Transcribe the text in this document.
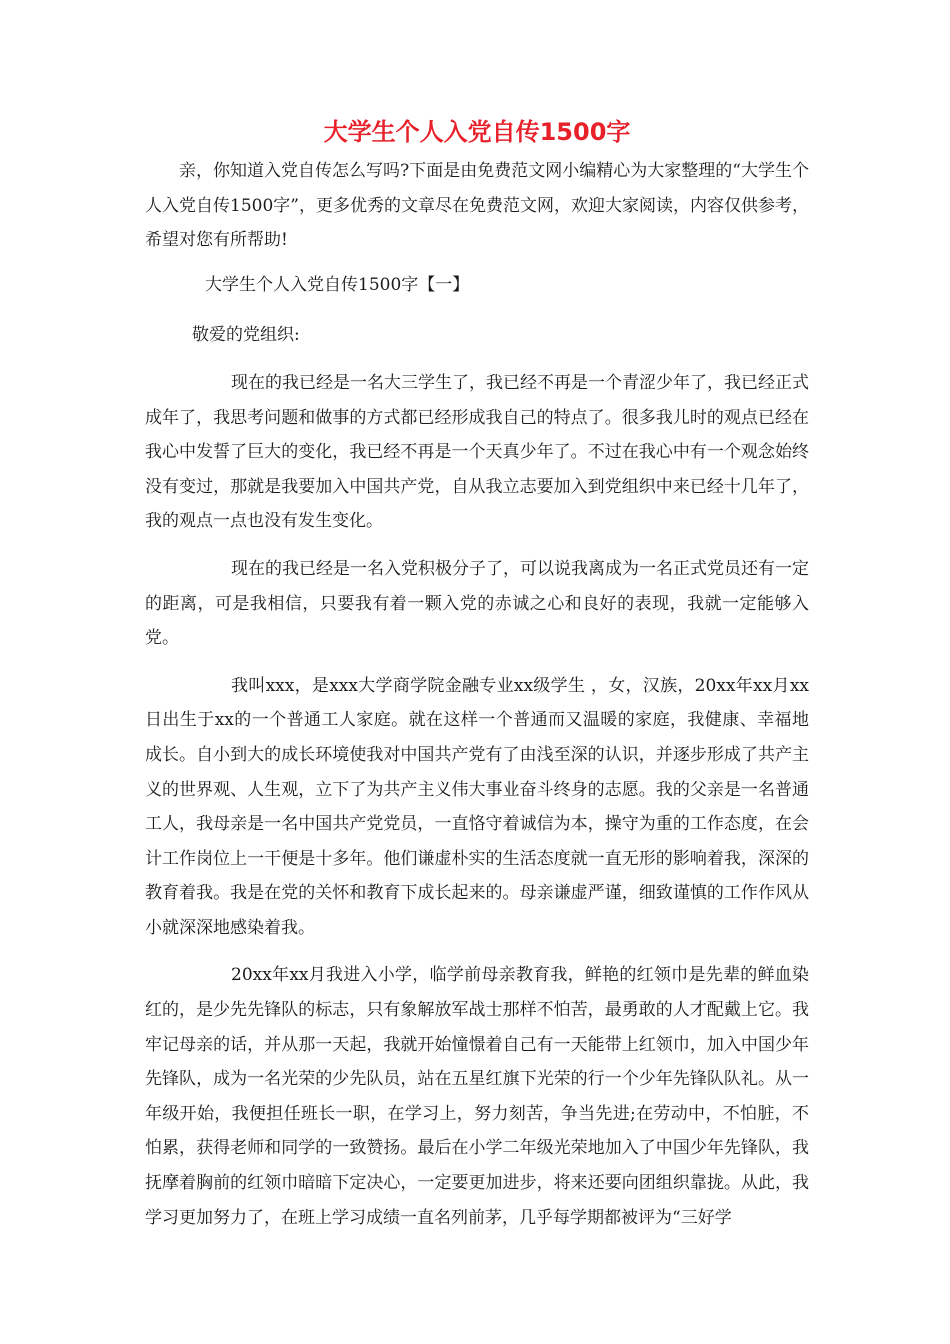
大学生个人入党自传1500字

亲，你知道入党自传怎么写吗?下面是由免费范文网小编精心为大家整理的“大学生个人入党自传1500字”，更多优秀的文章尽在免费范文网，欢迎大家阅读，内容仅供参考，希望对您有所帮助!

大学生个人入党自传1500字【一】

敬爱的党组织:

现在的我已经是一名大三学生了，我已经不再是一个青涩少年了，我已经正式成年了，我思考问题和做事的方式都已经形成我自己的特点了。很多我儿时的观点已经在我心中发誓了巨大的变化，我已经不再是一个天真少年了。不过在我心中有一个观念始终没有变过，那就是我要加入中国共产党，自从我立志要加入到党组织中来已经十几年了，我的观点一点也没有发生变化。

现在的我已经是一名入党积极分子了，可以说我离成为一名正式党员还有一定的距离，可是我相信，只要我有着一颗入党的赤诚之心和良好的表现，我就一定能够入党。

我叫xxx，是xxx大学商学院金融专业xx级学生 ，女，汉族，20xx年xx月xx日出生于xx的一个普通工人家庭。就在这样一个普通而又温暖的家庭，我健康、幸福地成长。自小到大的成长环境使我对中国共产党有了由浅至深的认识，并逐步形成了共产主义的世界观、人生观，立下了为共产主义伟大事业奋斗终身的志愿。我的父亲是一名普通工人，我母亲是一名中国共产党党员，一直恪守着诚信为本，操守为重的工作态度，在会计工作岗位上一干便是十多年。他们谦虚朴实的生活态度就一直无形的影响着我，深深的教育着我。我是在党的关怀和教育下成长起来的。母亲谦虚严谨，细致谨慎的工作作风从小就深深地感染着我。

20xx年xx月我进入小学，临学前母亲教育我，鲜艳的红领巾是先辈的鲜血染红的，是少先先锋队的标志，只有象解放军战士那样不怕苦，最勇敢的人才配戴上它。我牢记母亲的话，并从那一天起，我就开始憧憬着自己有一天能带上红领巾，加入中国少年先锋队，成为一名光荣的少先队员，站在五星红旗下光荣的行一个少年先锋队队礼。从一年级开始，我便担任班长一职，在学习上，努力刻苦，争当先进;在劳动中，不怕脏，不怕累，获得老师和同学的一致赞扬。最后在小学二年级光荣地加入了中国少年先锋队，我抚摩着胸前的红领巾暗暗下定决心，一定要更加进步，将来还要向团组织靠拢。从此，我学习更加努力了，在班上学习成绩一直名列前茅，几乎每学期都被评为“三好学
